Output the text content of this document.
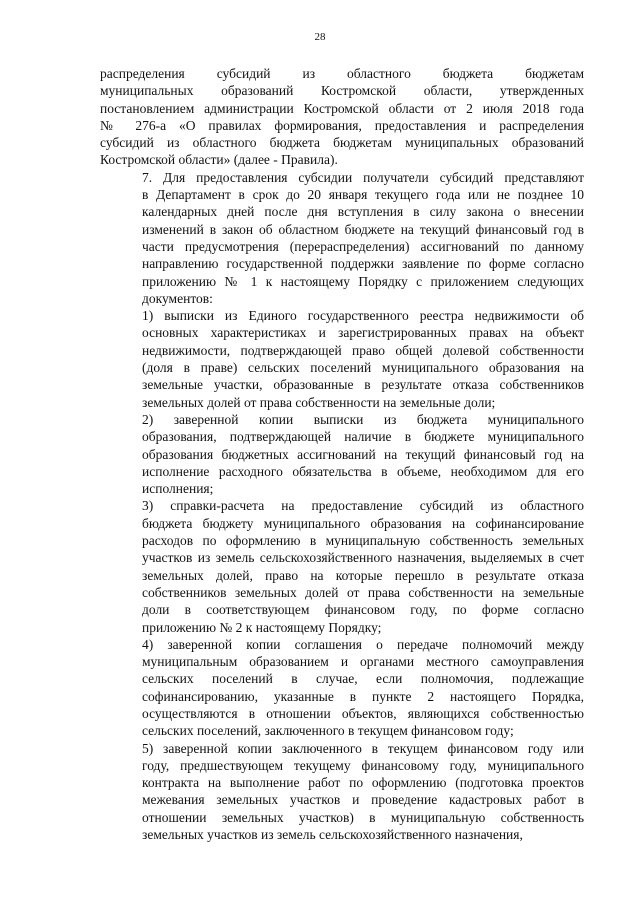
28

распределения субсидий из областного бюджета бюджетам
муниципальных образований Костромской области, утвержденных
постановлением администрации Костромской области от 2 июля 2018 года
№ 276-а «О правилах формирования, предоставления и распределения
субсидий из областного бюджета бюджетам муниципальных образований
Костромской области» (далее - Правила).

7. Для предоставления субсидии получатели субсидий представляют
в Департамент в срок до 20 января текущего года или не позднее 10
календарных дней после дня вступления в силу закона о внесении
изменений в закон об областном бюджете на текущий финансовый год в
части предусмотрения (перераспределения) ассигнований по данному
направлению государственной поддержки заявление по форме согласно
приложению № 1 к настоящему Порядку с приложением следующих
документов:

1) выписки из Единого государственного реестра недвижимости об
основных характеристиках и зарегистрированных правах на объект
недвижимости, подтверждающей право общей долевой собственности
(доля в праве) сельских поселений муниципального образования на
земельные участки, образованные в результате отказа собственников
земельных долей от права собственности на земельные доли;

2) заверенной копии выписки из бюджета муниципального
образования, подтверждающей наличие в бюджете муниципального
образования бюджетных ассигнований на текущий финансовый год на
исполнение расходного обязательства в объеме, необходимом для его
исполнения;

3) справки-расчета на предоставление субсидий из областного
бюджета бюджету муниципального образования на софинансирование
расходов по оформлению в муниципальную собственность земельных
участков из земель сельскохозяйственного назначения, выделяемых в счет
земельных долей, право на которые перешло в результате отказа
собственников земельных долей от права собственности на земельные
доли в соответствующем финансовом году, по форме согласно
приложению № 2 к настоящему Порядку;

4) заверенной копии соглашения о передаче полномочий между
муниципальным образованием и органами местного самоуправления
сельских поселений в случае, если полномочия, подлежащие
софинансированию, указанные в пункте 2 настоящего Порядка,
осуществляются в отношении объектов, являющихся собственностью
сельских поселений, заключенного в текущем финансовом году;

5) заверенной копии заключенного в текущем финансовом году или
году, предшествующем текущему финансовому году, муниципального
контракта на выполнение работ по оформлению (подготовка проектов
межевания земельных участков и проведение кадастровых работ в
отношении земельных участков) в муниципальную собственность
земельных участков из земель сельскохозяйственного назначения,
